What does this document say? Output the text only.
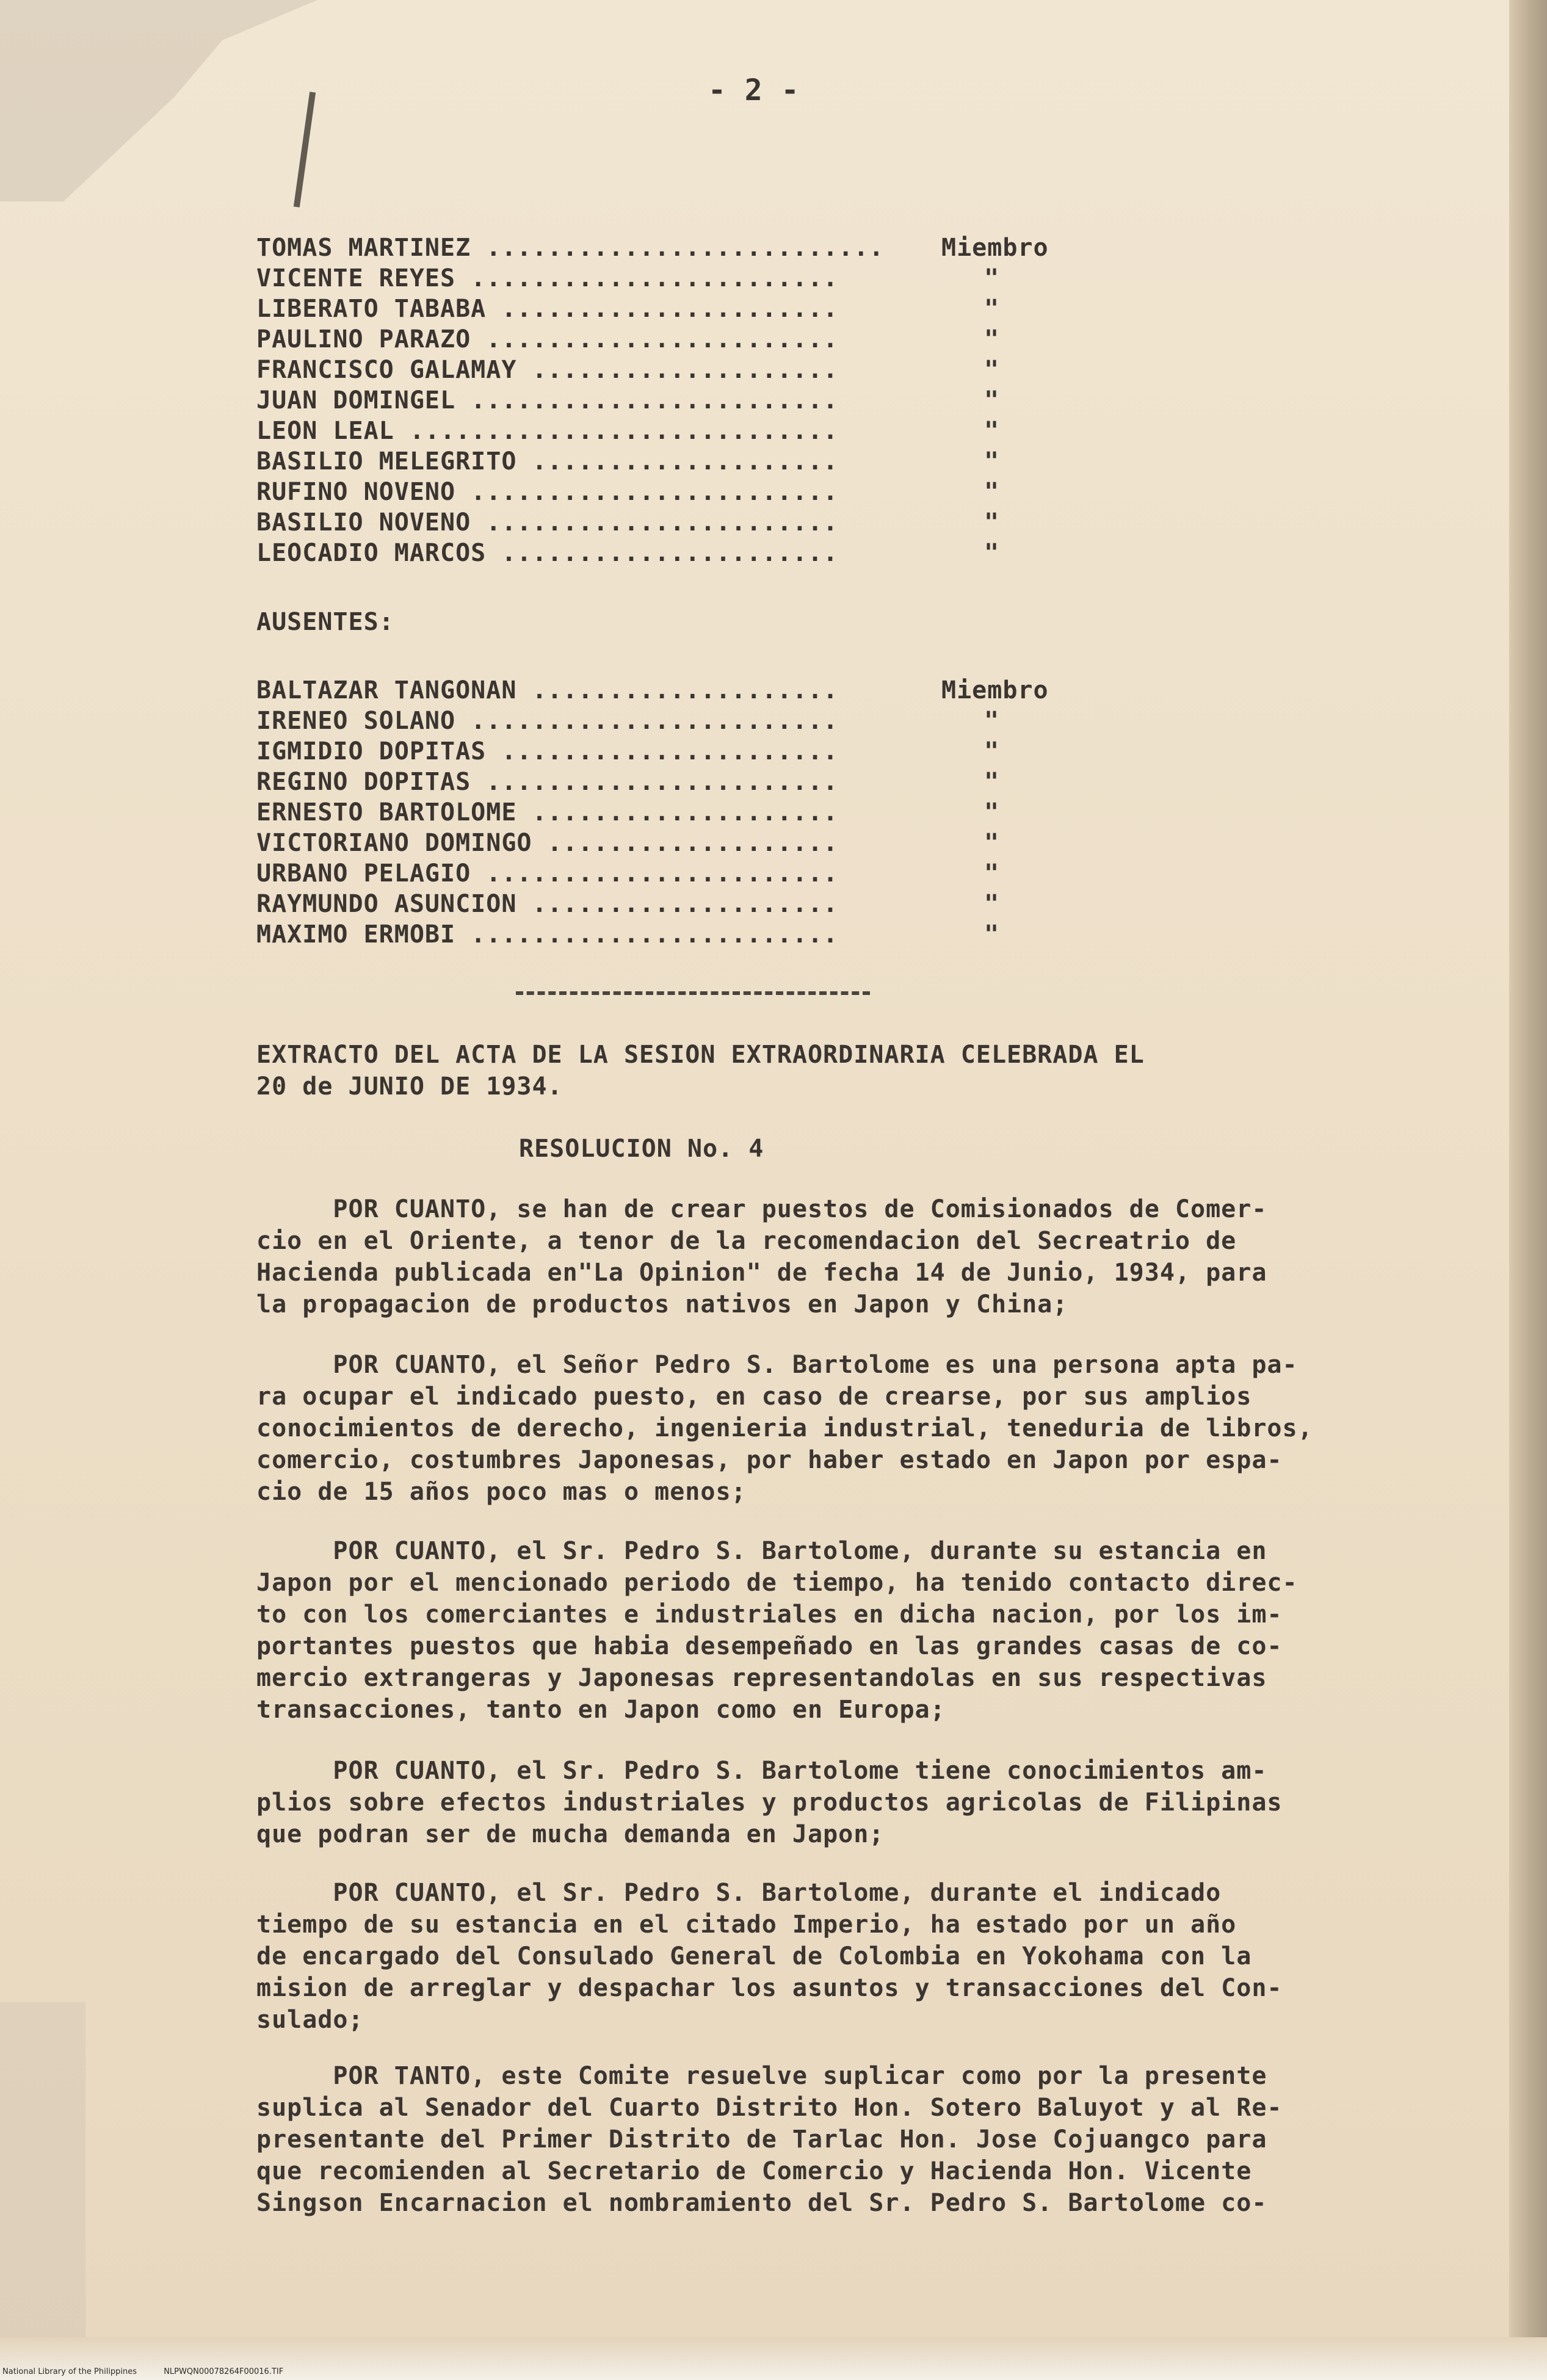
- 2 -
TOMAS MARTINEZ .......................... Miembro
VICENTE REYES ........................	"
LIBERATO TABABA ......................	"
PAULINO PARAZO .......................	"
FRANCISCO GALAMAY ....................	"
JUAN DOMINGEL ........................	"
LEON LEAL ............................	"
BASILIO MELEGRITO ....................	"
RUFINO NOVENO ........................	"
BASILIO NOVENO .......................	"
LEOCADIO MARCOS ......................	"
AUSENTES:
BALTAZAR TANGONAN ....................	Miembro
IRENEO SOLANO ........................	"
IGMIDIO DOPITAS ......................	"
REGINO DOPITAS .......................	"
ERNESTO BARTOLOME ....................	"
VICTORIANO DOMINGO ...................	"
URBANO PELAGIO .......................	"
RAYMUNDO ASUNCION ....................	"
MAXIMO ERMOBI ........................	"
EXTRACTO DEL ACTA DE LA SESION EXTRAORDINARIA CELEBRADA EL
20 de JUNIO DE 1934.
RESOLUCION No. 4
POR CUANTO, se han de crear puestos de Comisionados de Comer-
cio en el Oriente, a tenor de la recomendacion del Secreatrio de
Hacienda publicada en"La Opinion" de fecha 14 de Junio, 1934, para
la propagacion de productos nativos en Japon y China;
POR CUANTO, el Señor Pedro S. Bartolome es una persona apta pa-
ra ocupar el indicado puesto, en caso de crearse, por sus amplios
conocimientos de derecho, ingenieria industrial, teneduria de libros,
comercio, costumbres Japonesas, por haber estado en Japon por espa-
cio de 15 años poco mas o menos;
POR CUANTO, el Sr. Pedro S. Bartolome, durante su estancia en
Japon por el mencionado periodo de tiempo, ha tenido contacto direc-
to con los comerciantes e industriales en dicha nacion, por los im-
portantes puestos que habia desempeñado en las grandes casas de co-
mercio extrangeras y Japonesas representandolas en sus respectivas
transacciones, tanto en Japon como en Europa;
POR CUANTO, el Sr. Pedro S. Bartolome tiene conocimientos am-
plios sobre efectos industriales y productos agricolas de Filipinas
que podran ser de mucha demanda en Japon;
POR CUANTO, el Sr. Pedro S. Bartolome, durante el indicado
tiempo de su estancia en el citado Imperio, ha estado por un año
de encargado del Consulado General de Colombia en Yokohama con la
mision de arreglar y despachar los asuntos y transacciones del Con-
sulado;
POR TANTO, este Comite resuelve suplicar como por la presente
suplica al Senador del Cuarto Distrito Hon. Sotero Baluyot y al Re-
presentante del Primer Distrito de Tarlac Hon. Jose Cojuangco para
que recomienden al Secretario de Comercio y Hacienda Hon. Vicente
Singson Encarnacion el nombramiento del Sr. Pedro S. Bartolome co-
National Library of the Philippines	NLPWQN00078264F00016.TIF
